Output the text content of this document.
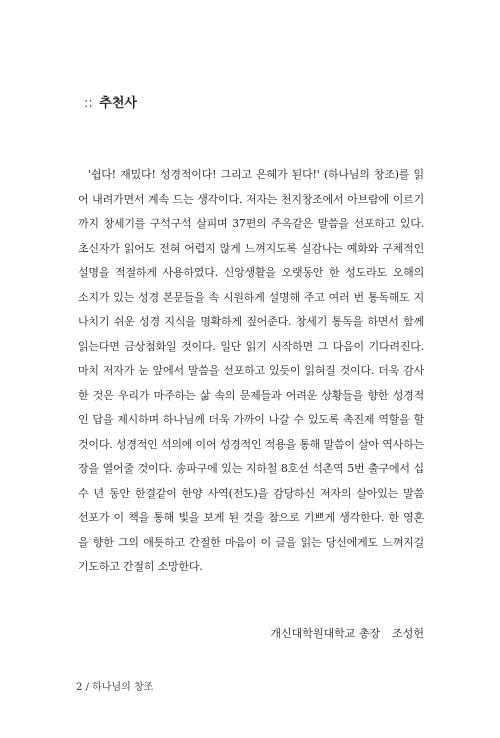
:: 추천사
'쉽다! 재밌다! 성경적이다! 그리고 은혜가 된다!' (하나님의 창조)를 읽
어 내려가면서 계속 드는 생각이다. 저자는 천지창조에서 아브람에 이르기
까지 창세기를 구석구석 살피며 37편의 주옥같은 말씀을 선포하고 있다.
초신자가 읽어도 전혀 어렵지 않게 느껴지도록 실감나는 예화와 구체적인
설명을 적절하게 사용하였다. 신앙생활을 오랫동안 한 성도라도 오해의
소지가 있는 성경 본문들을 속 시원하게 설명해 주고 여러 번 통독해도 지
나치기 쉬운 성경 지식을 명확하게 짚어준다. 창세기 통독을 하면서 함께
읽는다면 금상첨화일 것이다. 일단 읽기 시작하면 그 다음이 기다려진다.
마치 저자가 눈 앞에서 말씀을 선포하고 있듯이 읽혀질 것이다. 더욱 감사
한 것은 우리가 마주하는 삶 속의 문제들과 어려운 상황들을 향한 성경적
인 답을 제시하며 하나님께 더욱 가까이 나갈 수 있도록 촉진제 역할을 할
것이다. 성경적인 석의에 이어 성경적인 적용을 통해 말씀이 살아 역사하는
장을 열어줄 것이다. 송파구에 있는 지하철 8호선 석촌역 5번 출구에서 십
수 년 동안 한결같이 한양 사역(전도)을 감당하신 저자의 살아있는 말씀
선포가 이 책을 통해 빛을 보게 된 것을 참으로 기쁘게 생각한다. 한 영혼
을 향한 그의 애틋하고 간절한 마음이 이 글을 읽는 당신에게도 느껴지길
기도하고 간절히 소망한다.
개신대학원대학교 총장 조성헌
2 / 하나님의 창조
